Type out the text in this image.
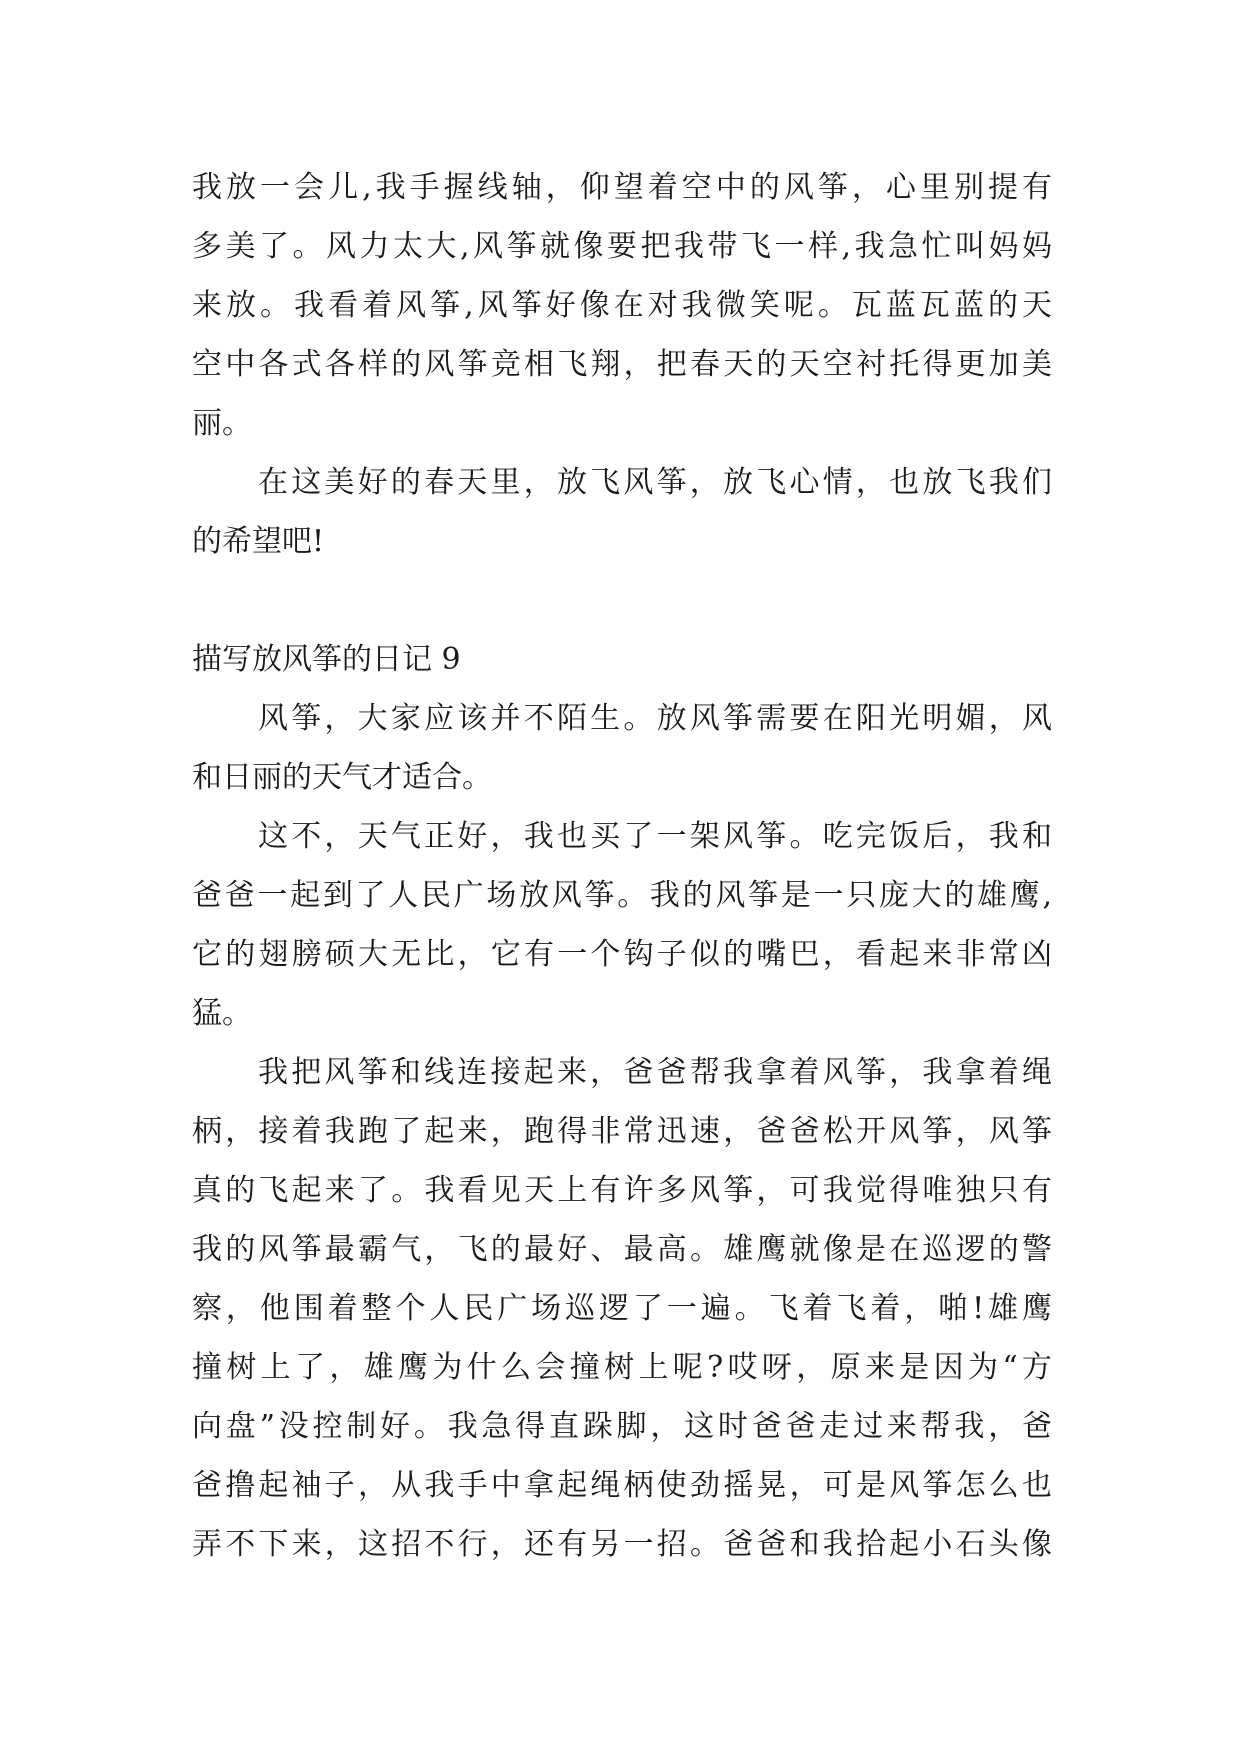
我放一会儿,我手握线轴，仰望着空中的风筝，心里别提有
多美了。风力太大,风筝就像要把我带飞一样,我急忙叫妈妈
来放。我看着风筝,风筝好像在对我微笑呢。瓦蓝瓦蓝的天
空中各式各样的风筝竞相飞翔，把春天的天空衬托得更加美
丽。
在这美好的春天里，放飞风筝，放飞心情，也放飞我们
的希望吧!
描写放风筝的日记 9
风筝，大家应该并不陌生。放风筝需要在阳光明媚，风
和日丽的天气才适合。
这不，天气正好，我也买了一架风筝。吃完饭后，我和
爸爸一起到了人民广场放风筝。我的风筝是一只庞大的雄鹰,
它的翅膀硕大无比，它有一个钩子似的嘴巴，看起来非常凶
猛。
我把风筝和线连接起来，爸爸帮我拿着风筝，我拿着绳
柄，接着我跑了起来，跑得非常迅速，爸爸松开风筝，风筝
真的飞起来了。我看见天上有许多风筝，可我觉得唯独只有
我的风筝最霸气，飞的最好、最高。雄鹰就像是在巡逻的警
察，他围着整个人民广场巡逻了一遍。飞着飞着，啪!雄鹰
撞树上了，雄鹰为什么会撞树上呢?哎呀，原来是因为“方
向盘”没控制好。我急得直跺脚，这时爸爸走过来帮我，爸
爸撸起袖子，从我手中拿起绳柄使劲摇晃，可是风筝怎么也
弄不下来，这招不行，还有另一招。爸爸和我拾起小石头像
